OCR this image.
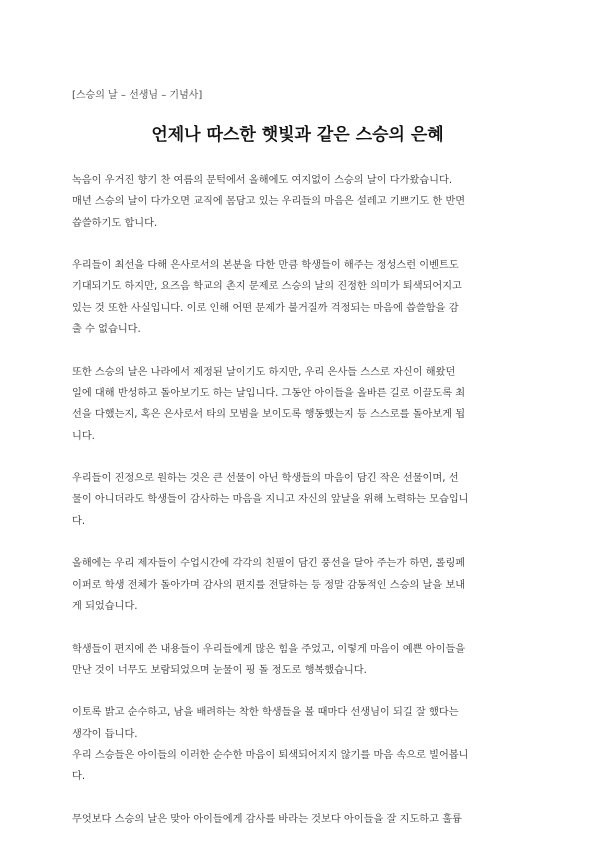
[스승의 날 – 선생님 – 기념사]
언제나 따스한 햇빛과 같은 스승의 은혜
녹음이 우거진 향기 찬 여름의 문턱에서 올해에도 여지없이 스승의 날이 다가왔습니다.
매년 스승의 날이 다가오면 교직에 몸담고 있는 우리들의 마음은 설레고 기쁘기도 한 반면
씁쓸하기도 합니다.
우리들이 최선을 다해 은사로서의 본분을 다한 만큼 학생들이 해주는 정성스런 이벤트도
기대되기도 하지만, 요즈음 학교의 촌지 문제로 스승의 날의 진정한 의미가 퇴색되어지고
있는 것 또한 사실입니다. 이로 인해 어떤 문제가 불거질까 걱정되는 마음에 씁쓸함을 감
출 수 없습니다.
또한 스승의 날은 나라에서 제정된 날이기도 하지만, 우리 은사들 스스로 자신이 해왔던
일에 대해 반성하고 돌아보기도 하는 날입니다. 그동안 아이들을 올바른 길로 이끌도록 최
선을 다했는지, 혹은 은사로서 타의 모범을 보이도록 행동했는지 등 스스로를 돌아보게 됩
니다.
우리들이 진정으로 원하는 것은 큰 선물이 아닌 학생들의 마음이 담긴 작은 선물이며, 선
물이 아니더라도 학생들이 감사하는 마음을 지니고 자신의 앞날을 위해 노력하는 모습입니
다.
올해에는 우리 제자들이 수업시간에 각각의 친필이 담긴 풍선을 달아 주는가 하면, 롤링페
이퍼로 학생 전체가 돌아가며 감사의 편지를 전달하는 등 정말 감동적인 스승의 날을 보내
게 되었습니다.
학생들이 편지에 쓴 내용들이 우리들에게 많은 힘을 주었고, 이렇게 마음이 예쁜 아이들을
만난 것이 너무도 보람되었으며 눈물이 핑 돌 정도로 행복했습니다.
이토록 밝고 순수하고, 남을 배려하는 착한 학생들을 볼 때마다 선생님이 되길 잘 했다는
생각이 듭니다.
우리 스승들은 아이들의 이러한 순수한 마음이 퇴색되어지지 않기를 마음 속으로 빌어봅니
다.
무엇보다 스승의 날은 맞아 아이들에게 감사를 바라는 것보다 아이들을 잘 지도하고 훌륭
